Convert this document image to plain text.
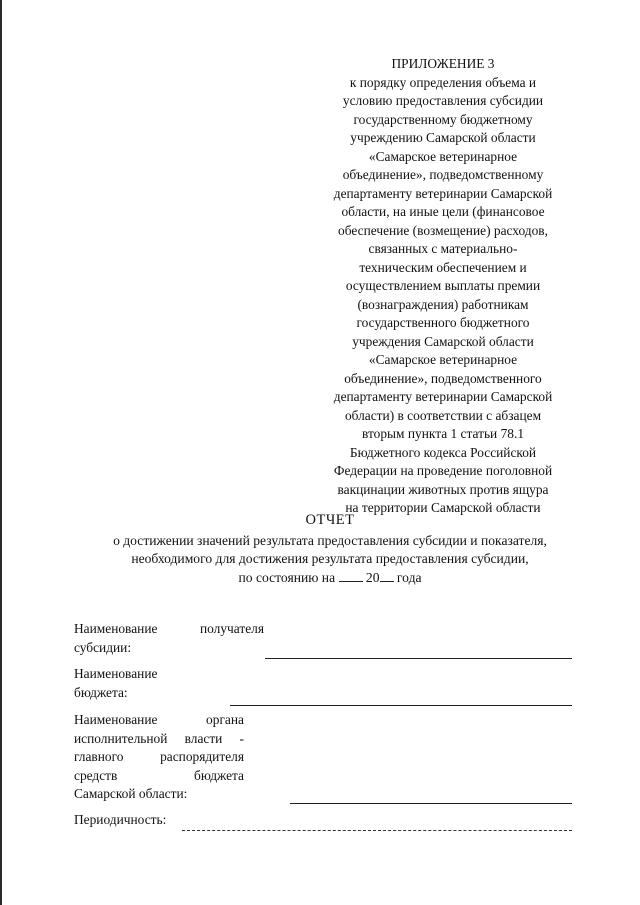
ПРИЛОЖЕНИЕ 3
к порядку определения объема и
условию предоставления субсидии
государственному бюджетному
учреждению Самарской области
«Самарское ветеринарное
объединение», подведомственному
департаменту ветеринарии Самарской
области, на иные цели (финансовое
обеспечение (возмещение) расходов,
связанных с материально-
техническим обеспечением и
осуществлением выплаты премии
(вознаграждения) работникам
государственного бюджетного
учреждения Самарской области
«Самарское ветеринарное
объединение», подведомственного
департаменту ветеринарии Самарской
области) в соответствии с абзацем
вторым пункта 1 статьи 78.1
Бюджетного кодекса Российской
Федерации на проведение поголовной
вакцинации животных против ящура
на территории Самарской области
ОТЧЕТ
о достижении значений результата предоставления субсидии и показателя,
необходимого для достижения результата предоставления субсидии,
по состоянию на 20 года
Наименование получателя
субсидии:
Наименование
бюджета:
Наименование органа
исполнительной власти -
главного распорядителя
средств бюджета
Самарской области:
Периодичность:
